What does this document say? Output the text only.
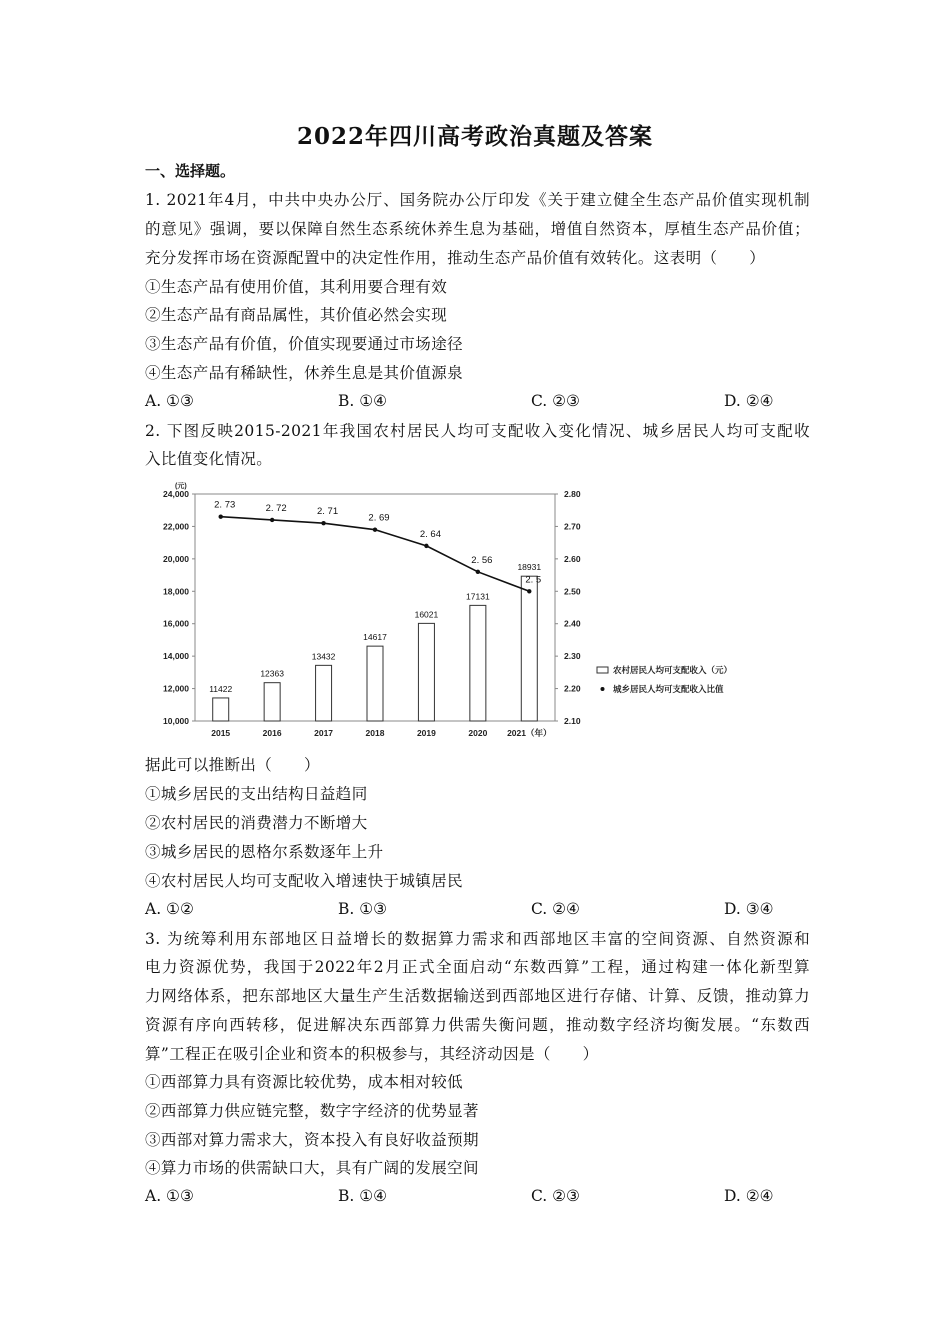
2022年四川高考政治真题及答案
一、选择题。
1. 2021年4月，中共中央办公厅、国务院办公厅印发《关于建立健全生态产品价值实现机制
的意见》强调，要以保障自然生态系统休养生息为基础，增值自然资本，厚植生态产品价值；
充分发挥市场在资源配置中的决定性作用，推动生态产品价值有效转化。这表明（　　）
①生态产品有使用价值，其利用要合理有效
②生态产品有商品属性，其价值必然会实现
③生态产品有价值，价值实现要通过市场途径
④生态产品有稀缺性，休养生息是其价值源泉
A. ①③	B. ①④	C. ②③	D. ②④
2. 下图反映2015-2021年我国农村居民人均可支配收入变化情况、城乡居民人均可支配收
入比值变化情况。
10,000
12,000
14,000
16,000
18,000
20,000
22,000
24,000
(元)
2.10
2.20
2.30
2.40
2.50
2.60
2.70
2.80
2015	2016	2017	2018	2019	2020 2021（年）
11422
12363
13432
14617
16021
17131
18931
2. 73	2. 72	2. 71
2. 69
2. 64
2. 56
2. 5
农村居民人均可支配收入（元）
城乡居民人均可支配收入比值
据此可以推断出（　　）
①城乡居民的支出结构日益趋同
②农村居民的消费潜力不断增大
③城乡居民的恩格尔系数逐年上升
④农村居民人均可支配收入增速快于城镇居民
A. ①②	B. ①③	C. ②④	D. ③④
3. 为统筹利用东部地区日益增长的数据算力需求和西部地区丰富的空间资源、自然资源和
电力资源优势，我国于2022年2月正式全面启动“东数西算”工程，通过构建一体化新型算
力网络体系，把东部地区大量生产生活数据输送到西部地区进行存储、计算、反馈，推动算力
资源有序向西转移，促进解决东西部算力供需失衡问题，推动数字经济均衡发展。“东数西
算”工程正在吸引企业和资本的积极参与，其经济动因是（　　）
①西部算力具有资源比较优势，成本相对较低
②西部算力供应链完整，数字字经济的优势显著
③西部对算力需求大，资本投入有良好收益预期
④算力市场的供需缺口大，具有广阔的发展空间
A. ①③	B. ①④	C. ②③	D. ②④
